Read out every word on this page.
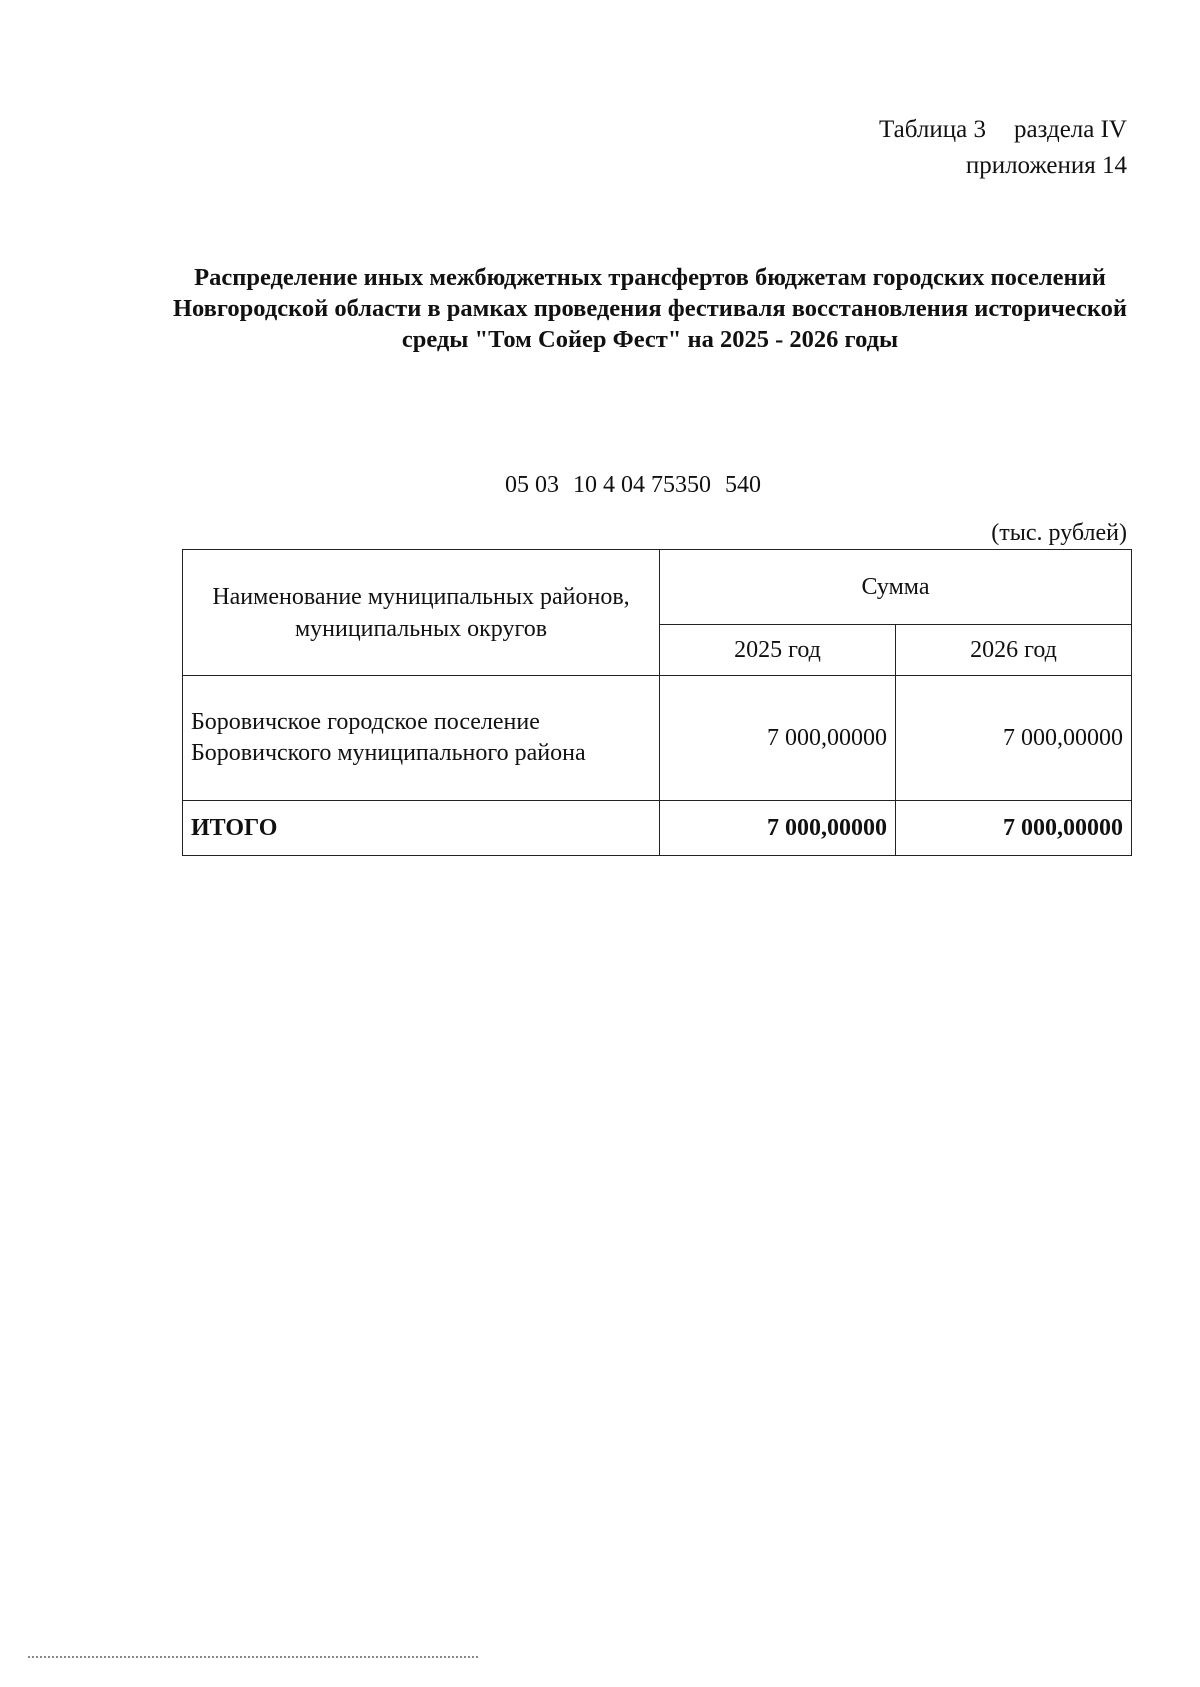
Таблица 3 раздела IV
приложения 14
Распределение иных межбюджетных трансфертов бюджетам городских поселений Новгородской области в рамках проведения фестиваля восстановления исторической среды "Том Сойер Фест" на 2025 - 2026 годы
05 03 10 4 04 75350 540
(тыс. рублей)
Наименование муниципальных районов, муниципальных округов	Сумма	
	2025 год	2026 год
Боровичское городское поселение Боровичского муниципального района	7 000,00000	7 000,00000
ИТОГО	7 000,00000	7 000,00000
